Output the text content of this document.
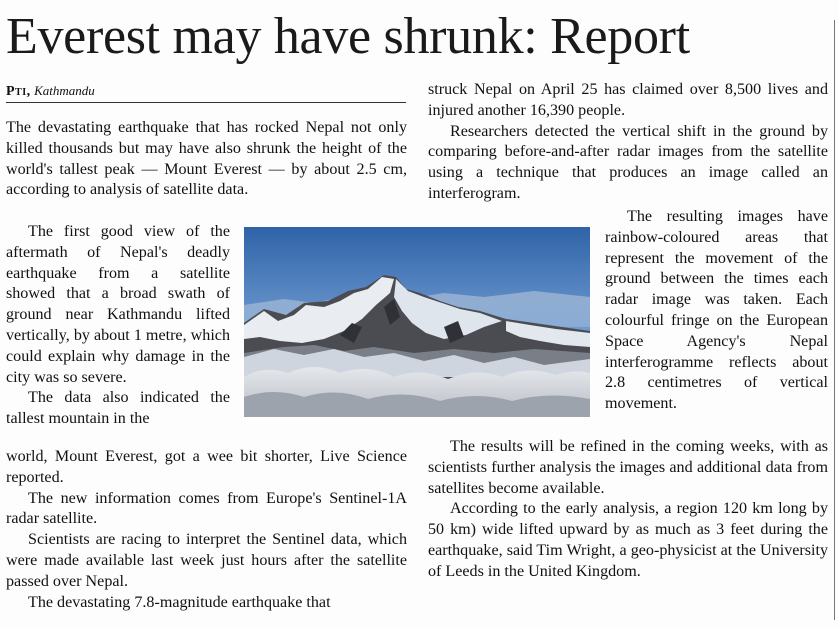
Everest may have shrunk: Report
Pti, Kathmandu

The devastating earthquake that has rocked Nepal not only killed thousands but may have also shrunk the height of the world's tallest peak — Mount Everest — by about 2.5 cm, according to analysis of satellite data.

The first good view of the aftermath of Nepal's deadly earthquake from a satellite showed that a broad swath of ground near Kathmandu lifted vertically, by about 1 metre, which could explain why damage in the city was so severe.

The data also indicated the tallest mountain in the

world, Mount Everest, got a wee bit shorter, Live Science reported.

The new information comes from Europe's Sentinel-1A radar satellite.

Scientists are racing to interpret the Sentinel data, which were made available last week just hours after the satellite passed over Nepal.

The devastating 7.8-magnitude earthquake that

struck Nepal on April 25 has claimed over 8,500 lives and injured another 16,390 people.

Researchers detected the vertical shift in the ground by comparing before-and-after radar images from the satellite using a technique that produces an image called an interferogram.

The resulting images have rainbow-coloured areas that represent the movement of the ground between the times each radar image was taken. Each colourful fringe on the European Space Agency's Nepal interferogramme reflects about 2.8 centimetres of vertical movement.

The results will be refined in the coming weeks, with as scientists further analysis the images and additional data from satellites become available.

According to the early analysis, a region 120 km long by 50 km) wide lifted upward by as much as 3 feet during the earthquake, said Tim Wright, a geo-physicist at the University of Leeds in the United Kingdom.
